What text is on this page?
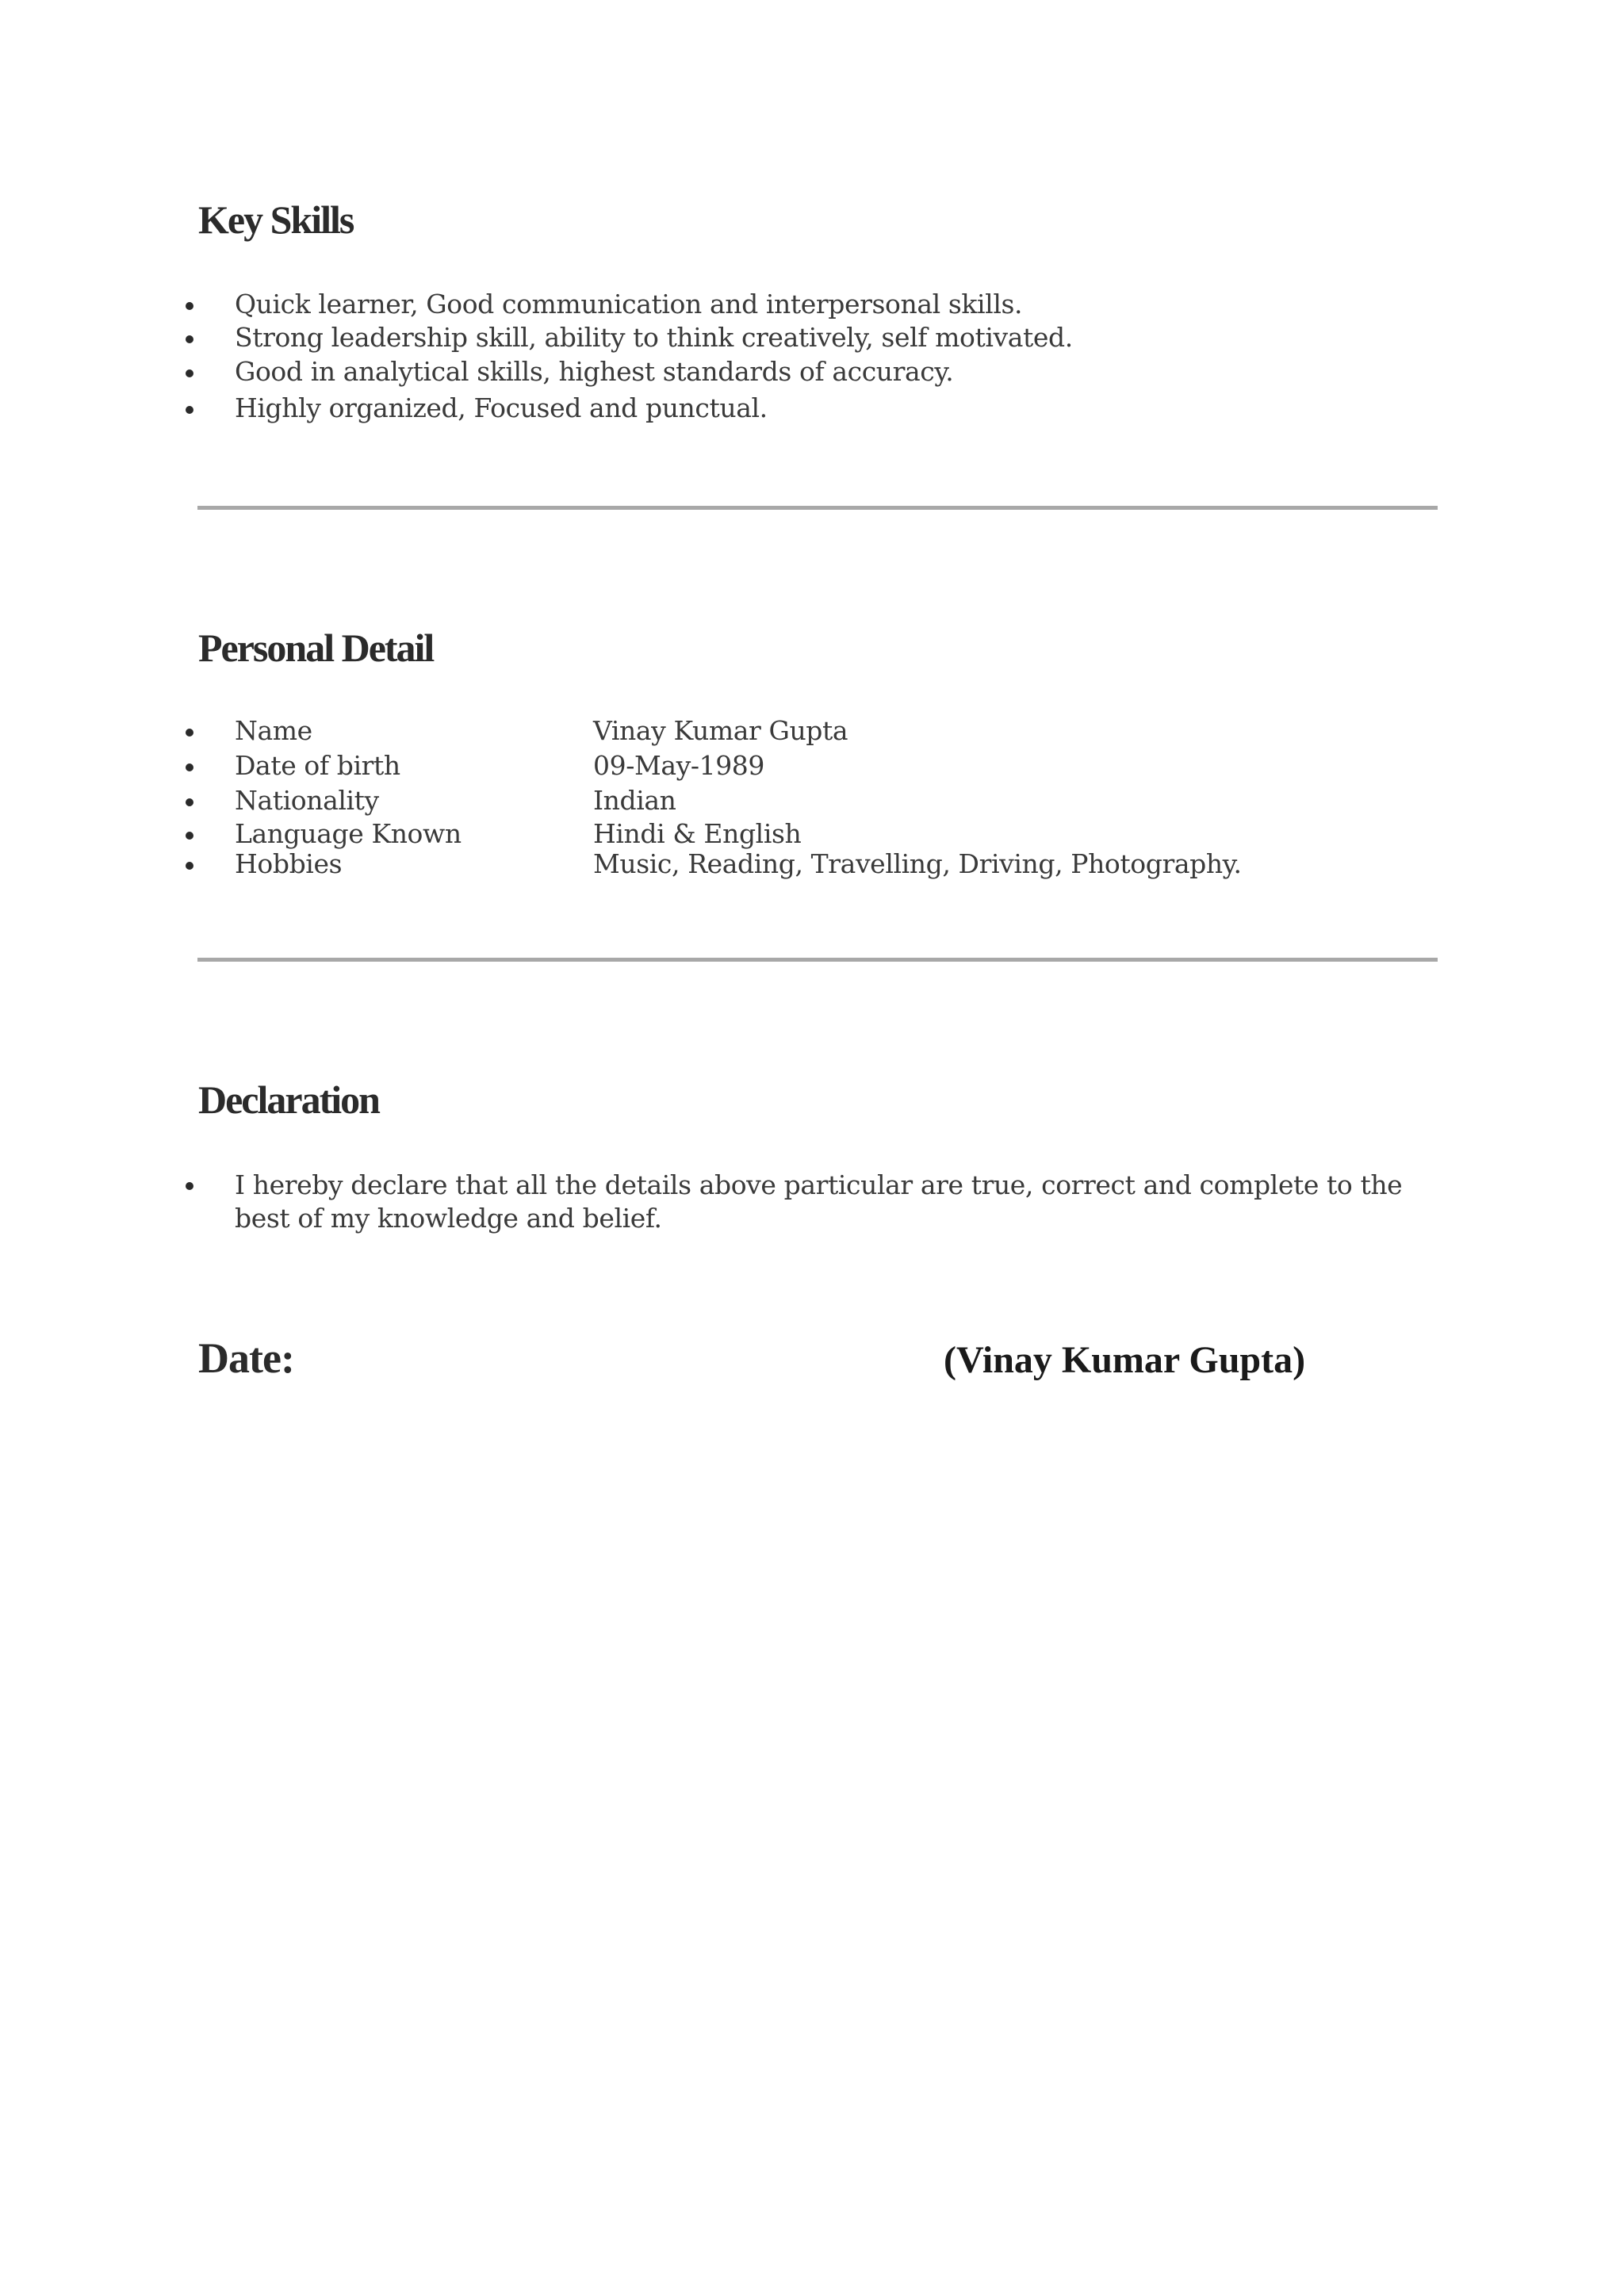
Key Skills
Quick learner, Good communication and interpersonal skills.
Strong leadership skill, ability to think creatively, self motivated.
Good in analytical skills, highest standards of accuracy.
Highly organized, Focused and punctual.
Personal Detail
Name	Vinay Kumar Gupta
Date of birth	09-May-1989
Nationality	Indian
Language Known	Hindi & English
Hobbies	Music, Reading, Travelling, Driving, Photography.
Declaration
I hereby declare that all the details above particular are true, correct and complete to the best of my knowledge and belief.
Date:	(Vinay Kumar Gupta)
